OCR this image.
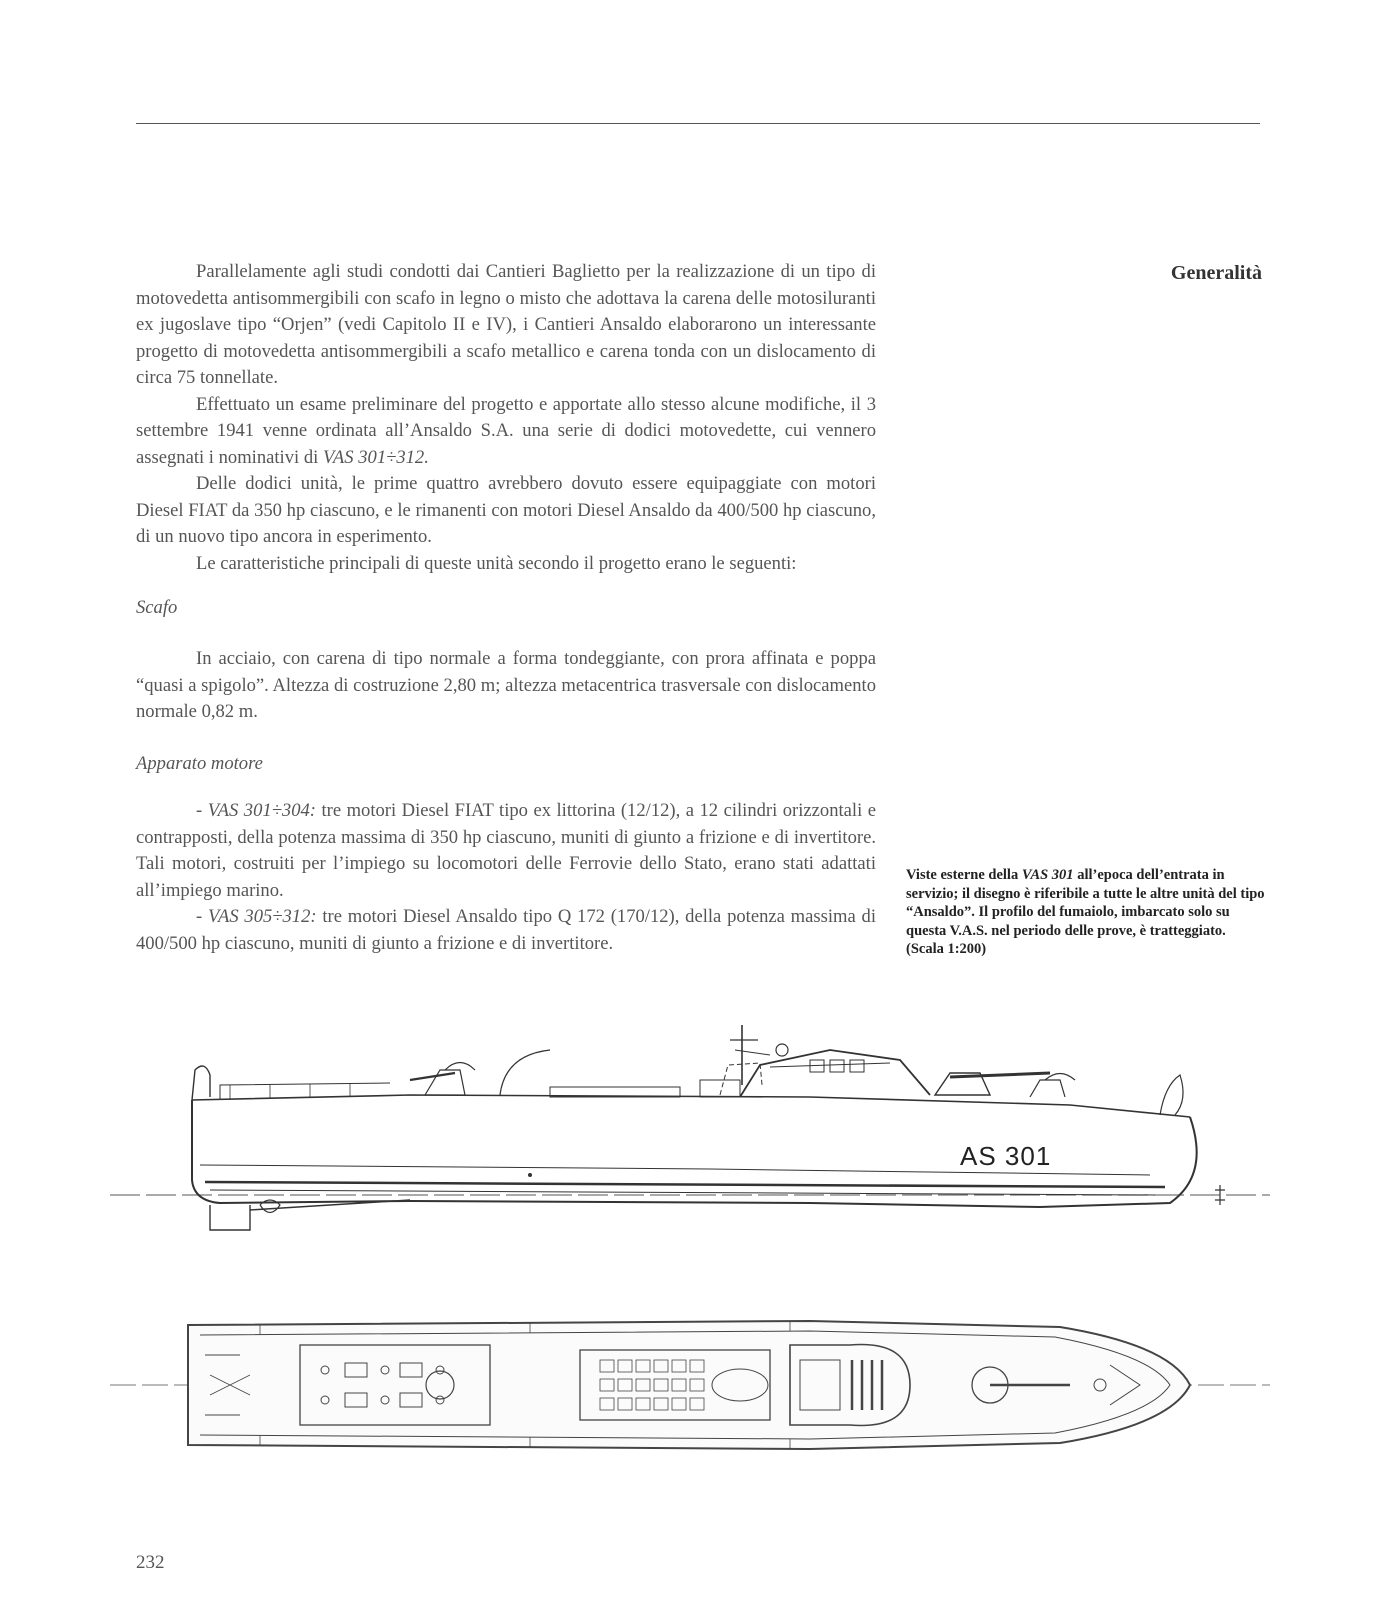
Generalità

Parallelamente agli studi condotti dai Cantieri Baglietto per la realizzazione di un tipo di motovedetta antisommergibili con scafo in legno o misto che adottava la carena delle motosiluranti ex jugoslave tipo “Orjen” (vedi Capitolo II e IV), i Cantieri Ansaldo elaborarono un interessante progetto di motovedetta antisommergibili a scafo metallico e carena tonda con un dislocamento di circa 75 tonnellate.

Effettuato un esame preliminare del progetto e apportate allo stesso alcune modifiche, il 3 settembre 1941 venne ordinata all’Ansaldo S.A. una serie di dodici motovedette, cui vennero assegnati i nominativi di VAS 301÷312.

Delle dodici unità, le prime quattro avrebbero dovuto essere equipaggiate con motori Diesel FIAT da 350 hp ciascuno, e le rimanenti con motori Diesel Ansaldo da 400/500 hp ciascuno, di un nuovo tipo ancora in esperimento.

Le caratteristiche principali di queste unità secondo il progetto erano le seguenti:

Scafo

In acciaio, con carena di tipo normale a forma tondeggiante, con prora affinata e poppa “quasi a spigolo”. Altezza di costruzione 2,80 m; altezza metacentrica trasversale con dislocamento normale 0,82 m.

Apparato motore

- VAS 301÷304: tre motori Diesel FIAT tipo ex littorina (12/12), a 12 cilindri orizzontali e contrapposti, della potenza massima di 350 hp ciascuno, muniti di giunto a frizione e di invertitore. Tali motori, costruiti per l’impiego su locomotori delle Ferrovie dello Stato, erano stati adattati all’impiego marino.

- VAS 305÷312: tre motori Diesel Ansaldo tipo Q 172 (170/12), della potenza massima di 400/500 hp ciascuno, muniti di giunto a frizione e di invertitore.

Viste esterne della VAS 301 all’epoca dell’entrata in servizio; il disegno è riferibile a tutte le altre unità del tipo “Ansaldo”. Il profilo del fumaiolo, imbarcato solo su questa V.A.S. nel periodo delle prove, è tratteggiato. (Scala 1:200)
AS 301
232
